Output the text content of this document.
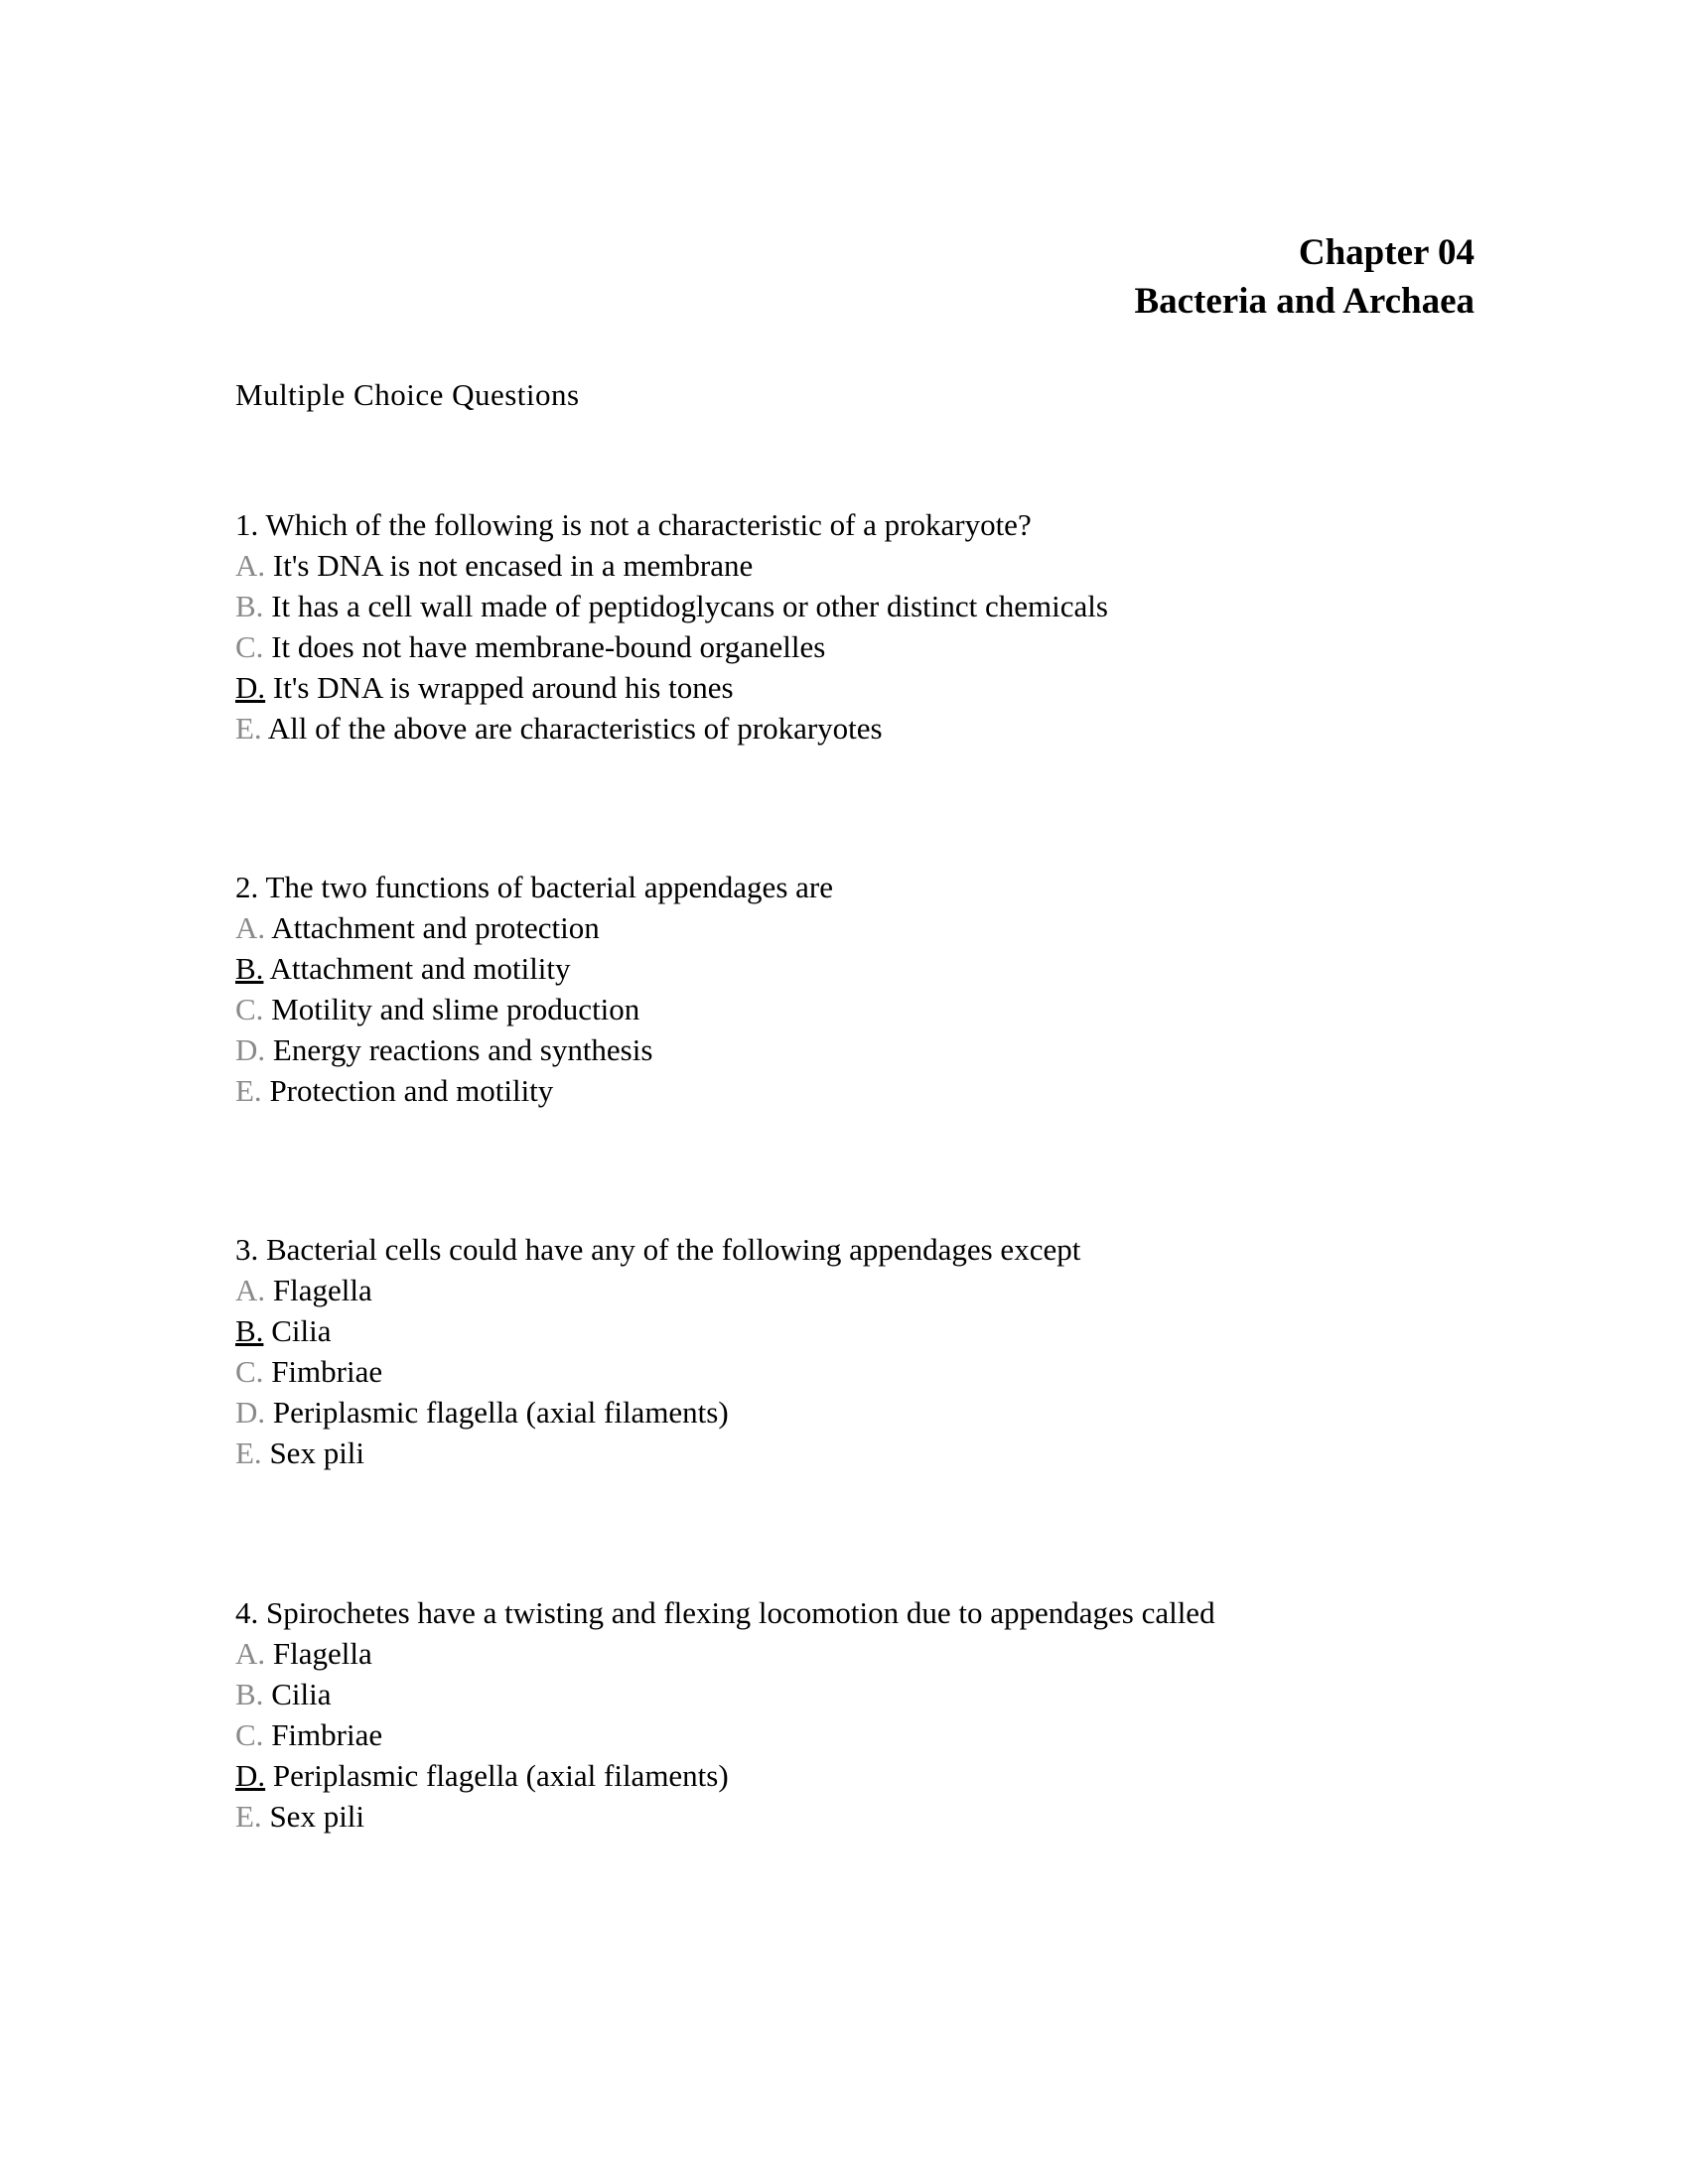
Chapter 04
Bacteria and Archaea
Multiple Choice Questions
1. Which of the following is not a characteristic of a prokaryote?
A. It's DNA is not encased in a membrane
B. It has a cell wall made of peptidoglycans or other distinct chemicals
C. It does not have membrane-bound organelles
D. It's DNA is wrapped around his tones
E. All of the above are characteristics of prokaryotes
2. The two functions of bacterial appendages are
A. Attachment and protection
B. Attachment and motility
C. Motility and slime production
D. Energy reactions and synthesis
E. Protection and motility
3. Bacterial cells could have any of the following appendages except
A. Flagella
B. Cilia
C. Fimbriae
D. Periplasmic flagella (axial filaments)
E. Sex pili
4. Spirochetes have a twisting and flexing locomotion due to appendages called
A. Flagella
B. Cilia
C. Fimbriae
D. Periplasmic flagella (axial filaments)
E. Sex pili
